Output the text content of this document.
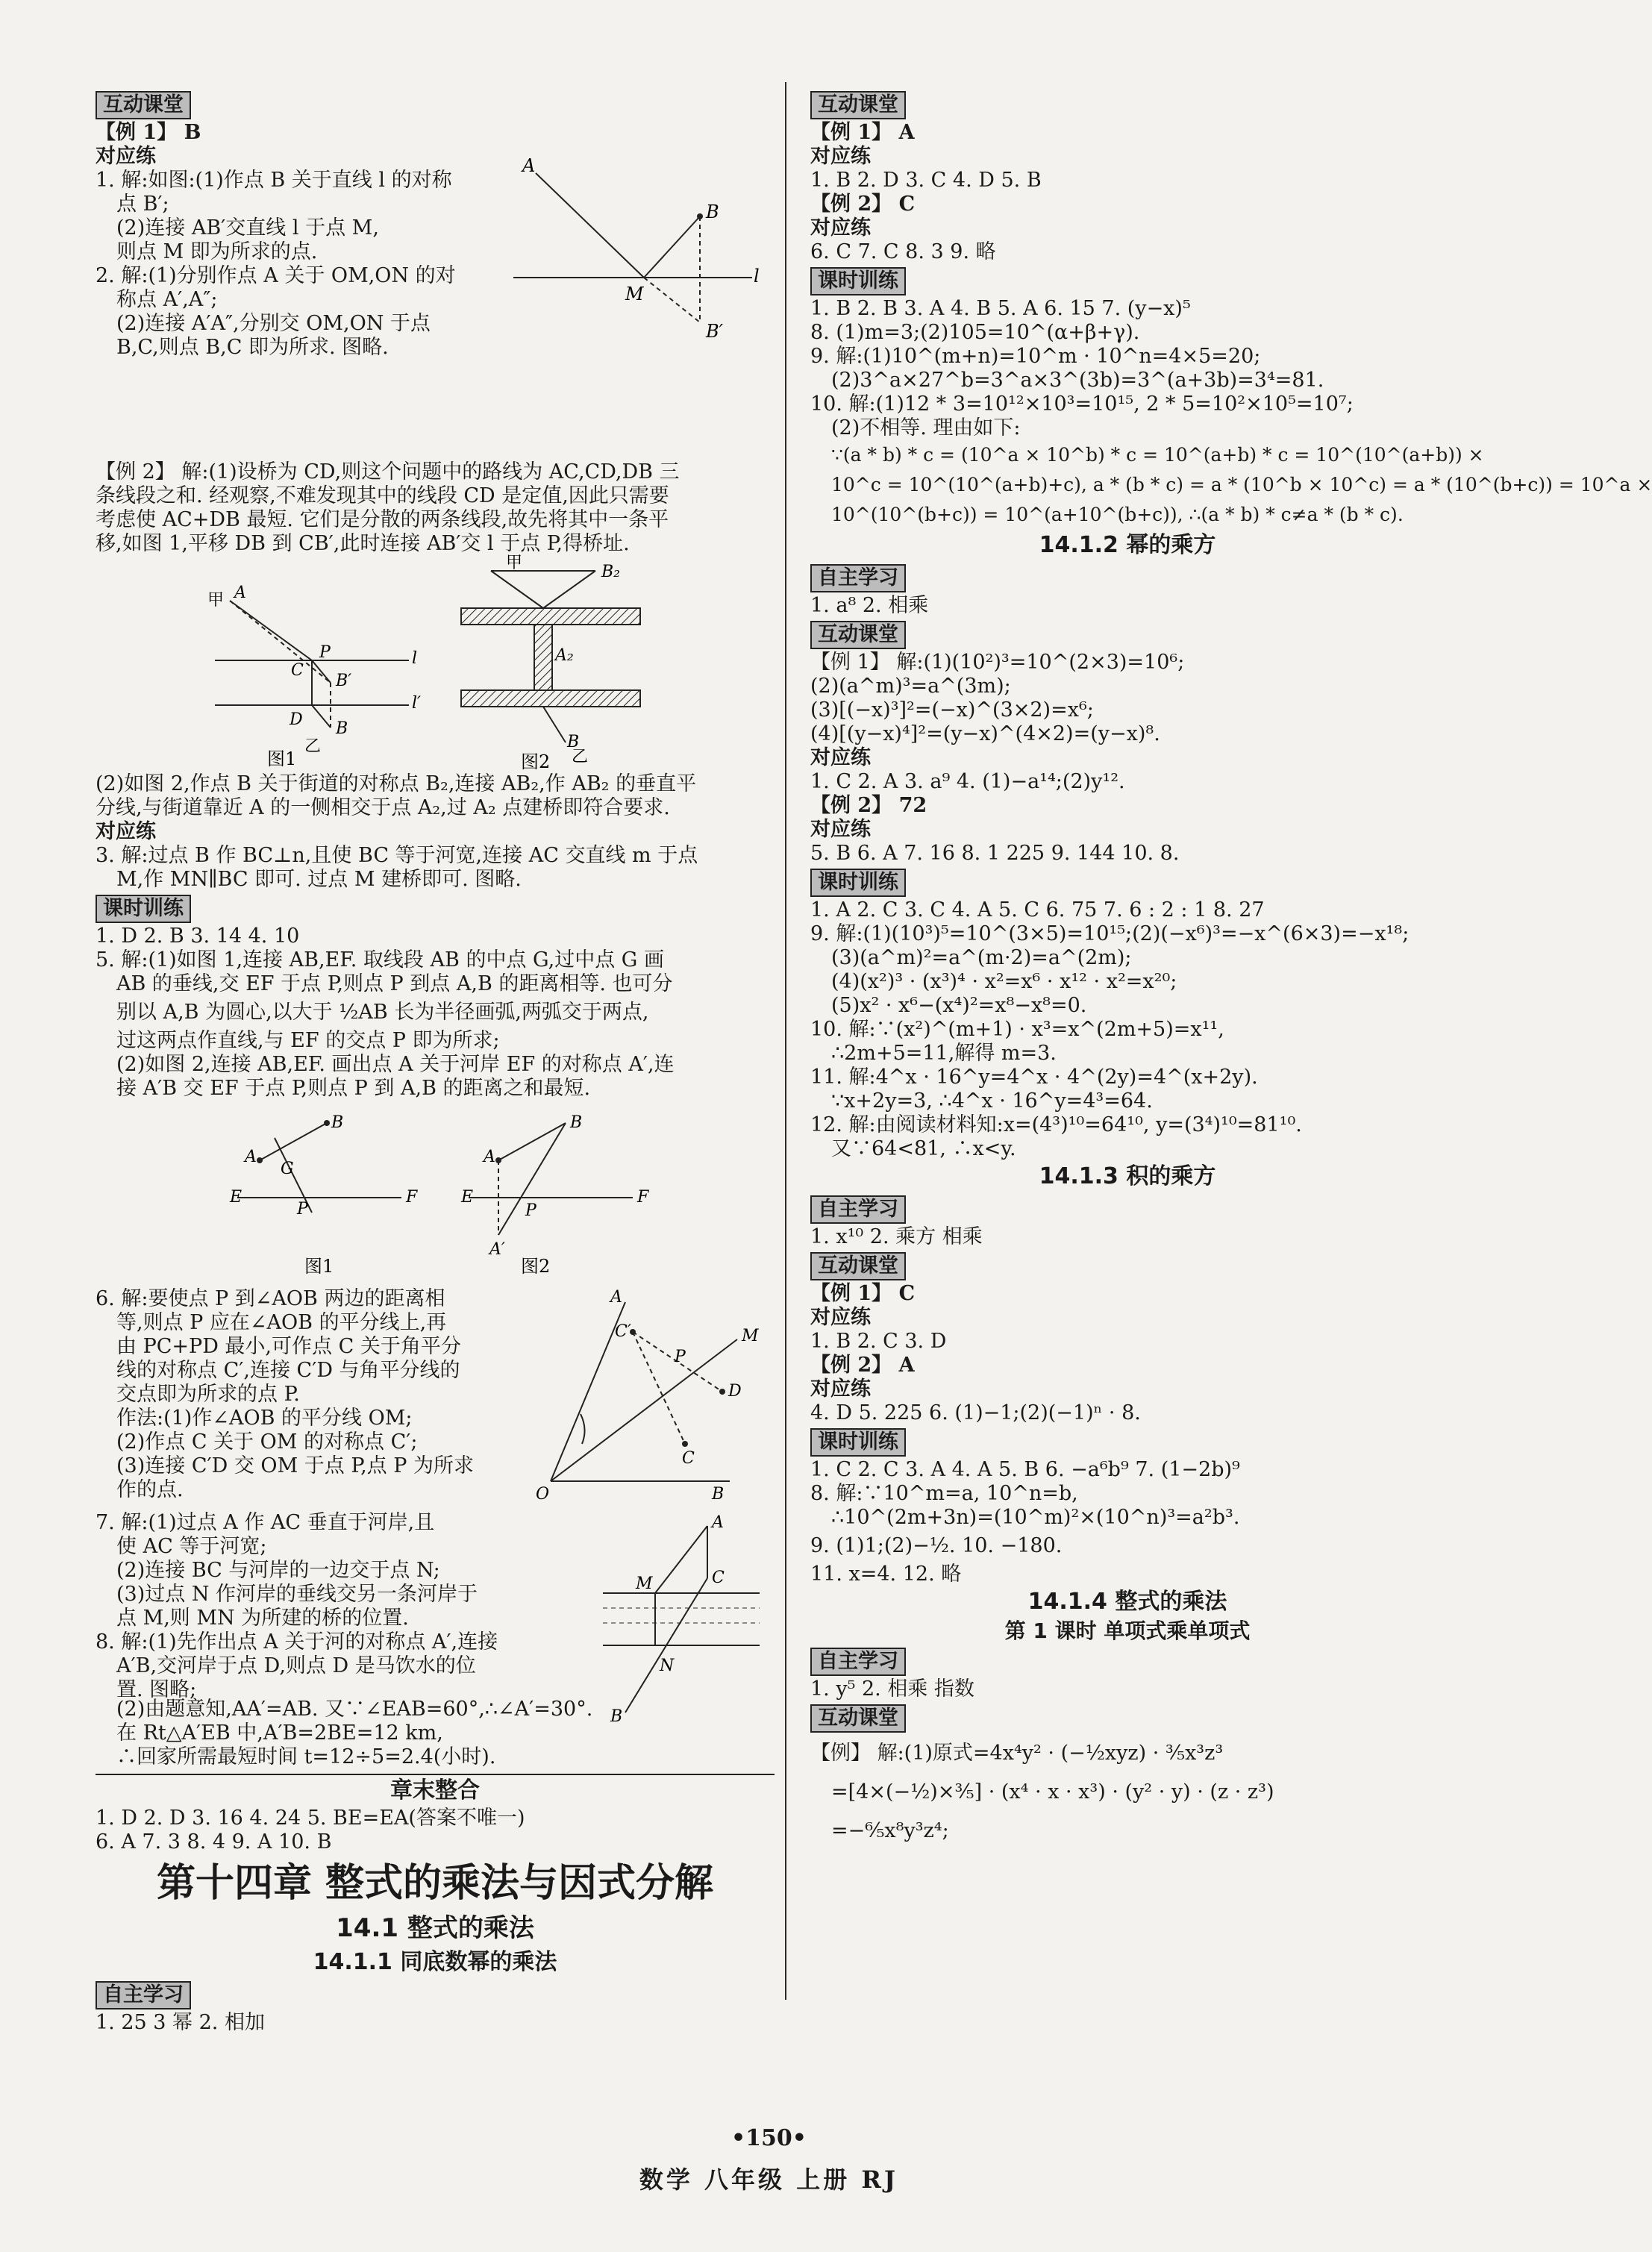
互动课堂

【例 1】 B

对应练

1. 解:如图:(1)作点 B 关于直线 l 的对称

点 B′;

(2)连接 AB′交直线 l 于点 M,

则点 M 即为所求的点.

2. 解:(1)分别作点 A 关于 OM,ON 的对

称点 A′,A″;

(2)连接 A′A″,分别交 OM,ON 于点

B,C,则点 B,C 即为所求. 图略.

A
B
M
l
B′

【例 2】 解:(1)设桥为 CD,则这个问题中的路线为 AC,CD,DB 三

条线段之和. 经观察,不难发现其中的线段 CD 是定值,因此只需要

考虑使 AC+DB 最短. 它们是分散的两条线段,故先将其中一条平

移,如图 1,平移 DB 到 CB′,此时连接 AB′交 l 于点 P,得桥址.

甲 A
P
C
B′
D B
乙
l
l′
图1
甲	B₂
A₂
B
乙
图2

(2)如图 2,作点 B 关于街道的对称点 B₂,连接 AB₂,作 AB₂ 的垂直平

分线,与街道靠近 A 的一侧相交于点 A₂,过 A₂ 点建桥即符合要求.

对应练

3. 解:过点 B 作 BC⊥n,且使 BC 等于河宽,连接 AC 交直线 m 于点

M,作 MN∥BC 即可. 过点 M 建桥即可. 图略.

课时训练

1. D 2. B 3. 14 4. 10

5. 解:(1)如图 1,连接 AB,EF. 取线段 AB 的中点 G,过中点 G 画

AB 的垂线,交 EF 于点 P,则点 P 到点 A,B 的距离相等. 也可分

别以 A,B 为圆心,以大于 ½AB 长为半径画弧,两弧交于两点,

过这两点作直线,与 EF 的交点 P 即为所求;

(2)如图 2,连接 AB,EF. 画出点 A 关于河岸 EF 的对称点 A′,连

接 A′B 交 EF 于点 P,则点 P 到 A,B 的距离之和最短.

E	F
A
B
G
P
图1
E	F
A
B
P
A′
图2

6. 解:要使点 P 到∠AOB 两边的距离相

等,则点 P 应在∠AOB 的平分线上,再

由 PC+PD 最小,可作点 C 关于角平分

线的对称点 C′,连接 C′D 与角平分线的

交点即为所求的点 P.

作法:(1)作∠AOB 的平分线 OM;

(2)作点 C 关于 OM 的对称点 C′;

(3)连接 C′D 交 OM 于点 P,点 P 为所求

作的点.

A
C′	M
P
D
C
O	B

7. 解:(1)过点 A 作 AC 垂直于河岸,且

使 AC 等于河宽;

(2)连接 BC 与河岸的一边交于点 N;

(3)过点 N 作河岸的垂线交另一条河岸于

点 M,则 MN 为所建的桥的位置.

8. 解:(1)先作出点 A 关于河的对称点 A′,连接

A′B,交河岸于点 D,则点 D 是马饮水的位

置. 图略;

A
M	C
N
B

(2)由题意知,AA′=AB. 又∵∠EAB=60°,∴∠A′=30°.

在 Rt△A′EB 中,A′B=2BE=12 km,

∴回家所需最短时间 t=12÷5=2.4(小时).

章末整合

1. D 2. D 3. 16 4. 24 5. BE=EA(答案不唯一)

6. A 7. 3 8. 4 9. A 10. B

第十四章 整式的乘法与因式分解
14.1 整式的乘法
14.1.1 同底数幂的乘法
自主学习

1. 25 3 幂 2. 相加

互动课堂

【例 1】 A

对应练

1. B 2. D 3. C 4. D 5. B

【例 2】 C

对应练

6. C 7. C 8. 3 9. 略

课时训练

1. B 2. B 3. A 4. B 5. A 6. 15 7. (y−x)⁵

8. (1)m=3;(2)105=10^(α+β+γ).

9. 解:(1)10^(m+n)=10^m · 10^n=4×5=20;

(2)3^a×27^b=3^a×3^(3b)=3^(a+3b)=3⁴=81.

10. 解:(1)12 * 3=10¹²×10³=10¹⁵, 2 * 5=10²×10⁵=10⁷;

(2)不相等. 理由如下:

∵(a * b) * c = (10^a × 10^b) * c = 10^(a+b) * c = 10^(10^(a+b)) ×

10^c = 10^(10^(a+b)+c), a * (b * c) = a * (10^b × 10^c) = a * (10^(b+c)) = 10^a ×

10^(10^(b+c)) = 10^(a+10^(b+c)), ∴(a * b) * c≠a * (b * c).

14.1.2 幂的乘方
自主学习

1. a⁸ 2. 相乘

互动课堂

【例 1】 解:(1)(10²)³=10^(2×3)=10⁶;

(2)(a^m)³=a^(3m);

(3)[(−x)³]²=(−x)^(3×2)=x⁶;

(4)[(y−x)⁴]²=(y−x)^(4×2)=(y−x)⁸.

对应练

1. C 2. A 3. a⁹ 4. (1)−a¹⁴;(2)y¹².

【例 2】 72

对应练

5. B 6. A 7. 16 8. 1 225 9. 144 10. 8.

课时训练

1. A 2. C 3. C 4. A 5. C 6. 75 7. 6 : 2 : 1 8. 27

9. 解:(1)(10³)⁵=10^(3×5)=10¹⁵;(2)(−x⁶)³=−x^(6×3)=−x¹⁸;

(3)(a^m)²=a^(m·2)=a^(2m);

(4)(x²)³ · (x³)⁴ · x²=x⁶ · x¹² · x²=x²⁰;

(5)x² · x⁶−(x⁴)²=x⁸−x⁸=0.

10. 解:∵(x²)^(m+1) · x³=x^(2m+5)=x¹¹,

∴2m+5=11,解得 m=3.

11. 解:4^x · 16^y=4^x · 4^(2y)=4^(x+2y).

∵x+2y=3, ∴4^x · 16^y=4³=64.

12. 解:由阅读材料知:x=(4³)¹⁰=64¹⁰, y=(3⁴)¹⁰=81¹⁰.

又∵64<81, ∴x<y.

14.1.3 积的乘方
自主学习

1. x¹⁰ 2. 乘方 相乘

互动课堂

【例 1】 C

对应练

1. B 2. C 3. D

【例 2】 A

对应练

4. D 5. 225 6. (1)−1;(2)(−1)ⁿ · 8.

课时训练

1. C 2. C 3. A 4. A 5. B 6. −a⁶b⁹ 7. (1−2b)⁹

8. 解:∵10^m=a, 10^n=b,

∴10^(2m+3n)=(10^m)²×(10^n)³=a²b³.

9. (1)1;(2)−½. 10. −180.

11. x=4. 12. 略

14.1.4 整式的乘法
第 1 课时 单项式乘单项式
自主学习

1. y⁵ 2. 相乘 指数

互动课堂

【例】 解:(1)原式=4x⁴y² · (−½xyz) · ³⁄₅x³z³

=[4×(−½)×³⁄₅] · (x⁴ · x · x³) · (y² · y) · (z · z³)

=−⁶⁄₅x⁸y³z⁴;

•150•
数学 八年级 上册 RJ
